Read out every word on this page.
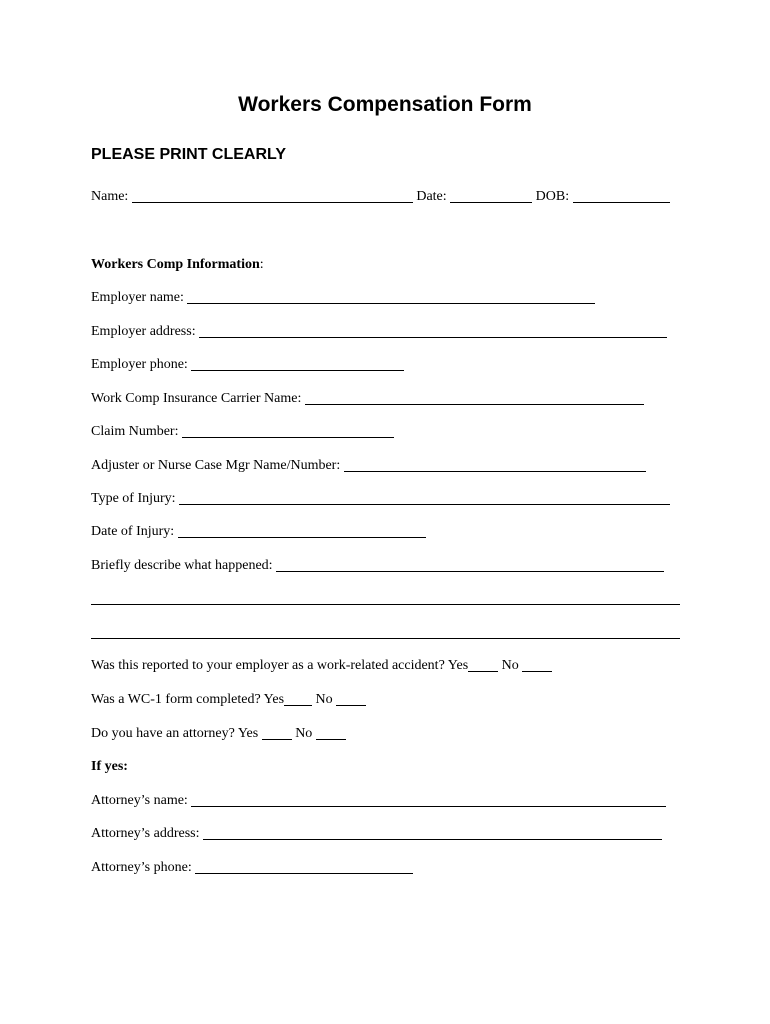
Workers Compensation Form
PLEASE PRINT CLEARLY
Name:	Date:	DOB:
Workers Comp Information :
Employer name:
Employer address:
Employer phone:
Work Comp Insurance Carrier Name:
Claim Number:
Adjuster or Nurse Case Mgr Name/Number:
Type of Injury:
Date of Injury:
Briefly describe what happened:
Was this reported to your employer as a work-related accident? Yes No
Was a WC-1 form completed? Yes No
Do you have an attorney? Yes No
If yes:
Attorney’s name:
Attorney’s address:
Attorney’s phone:
